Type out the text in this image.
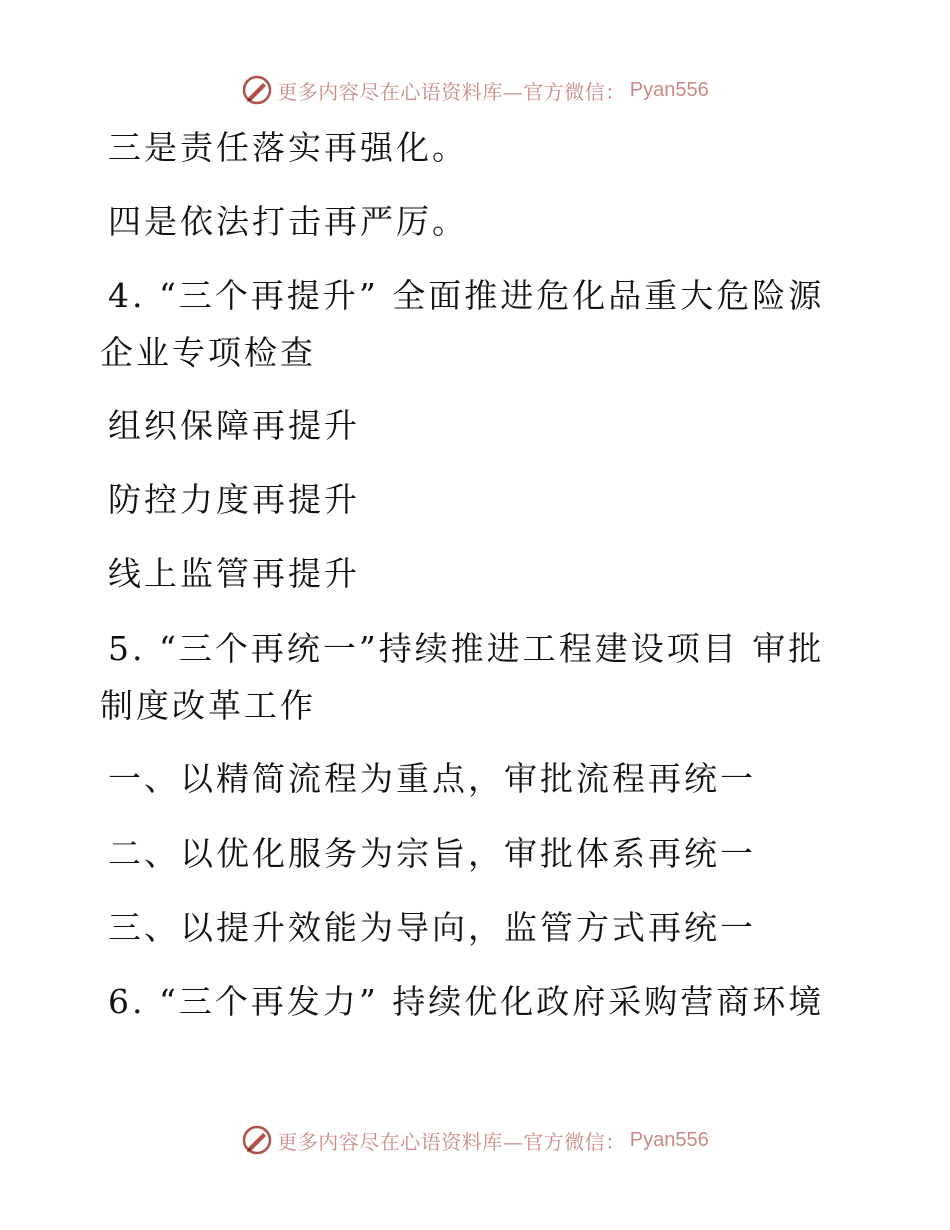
更多内容尽在心语资料库—官方微信： Pyan556
三是责任落实再强化。
四是依法打击再严厉。
4. “三个再提升” 全面推进危化品重大危险源
企业专项检查
组织保障再提升
防控力度再提升
线上监管再提升
5. “三个再统一”持续推进工程建设项目 审批
制度改革工作
一、以精简流程为重点，审批流程再统一
二、以优化服务为宗旨，审批体系再统一
三、以提升效能为导向，监管方式再统一
6. “三个再发力” 持续优化政府采购营商环境
更多内容尽在心语资料库—官方微信： Pyan556
